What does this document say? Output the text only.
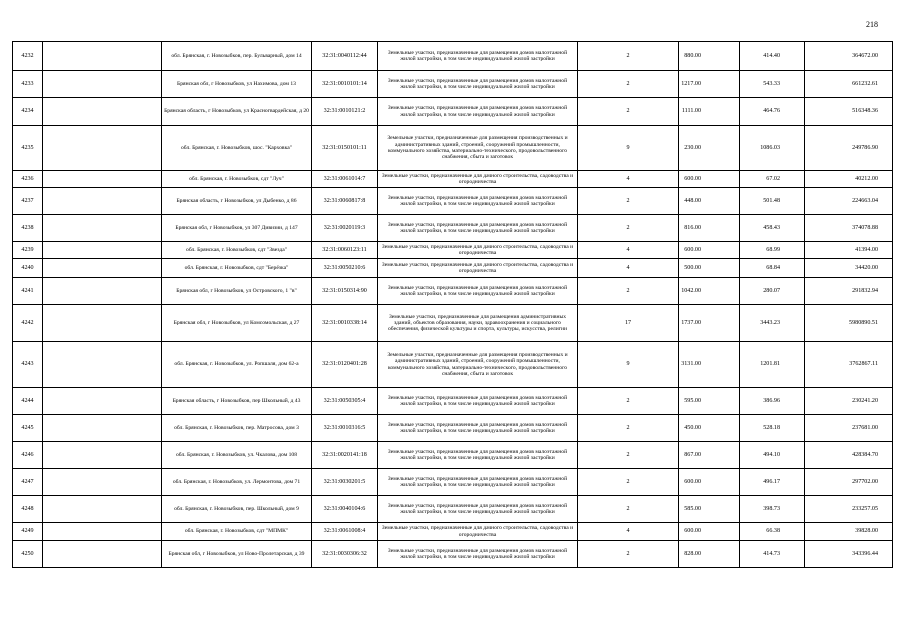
218
4232		обл. Брянская, г. Новозыбков, пер. Бульварный, дом 14	32:31:0040112:44	Земельные участки, предназначенные для размещения домов малоэтажной жилой застройки, в том числе индивидуальной жилой застройки	2	880.00	414.40	364672.00
4233		Брянская обл, г Новозыбков, ул Нахимова, дом 13	32:31:0010101:14	Земельные участки, предназначенные для размещения домов малоэтажной жилой застройки, в том числе индивидуальной жилой застройки	2	1217.00	543.33	661232.61
4234		Брянская область, г Новозыбков, ул Красногвардейская, д 20	32:31:0010121:2	Земельные участки, предназначенные для размещения домов малоэтажной жилой застройки, в том числе индивидуальной жилой застройки	2	1111.00	464.76	516348.36
4235		обл. Брянская, г. Новозыбков, шос. "Карховка"	32:31:0150101:11	Земельные участки, предназначенные для размещения производственных и административных зданий, строений, сооружений промышленности, коммунального хозяйства, материально-технического, продовольственного снабжения, сбыта и заготовок	9	230.00	1086.03	249786.90
4236		обл. Брянская, г. Новозыбков, сдт "Луч"	32:31:0061014:7	Земельные участки, предназначенные для дачного строительства, садоводства и огородничества	4	600.00	67.02	40212.00
4237		Брянская область, г Новозыбков, ул Дыбенко, д 86	32:31:0060817:8	Земельные участки, предназначенные для размещения домов малоэтажной жилой застройки, в том числе индивидуальной жилой застройки	2	448.00	501.48	224663.04
4238		Брянская обл, г Новозыбков, ул 307 Дивизии, д 147	32:31:0020119:3	Земельные участки, предназначенные для размещения домов малоэтажной жилой застройки, в том числе индивидуальной жилой застройки	2	816.00	458.43	374078.88
4239		обл. Брянская, г. Новозыбков, сдт "Звезда"	32:31:0060123:11	Земельные участки, предназначенные для дачного строительства, садоводства и огородничества	4	600.00	68.99	41394.00
4240		обл. Брянская, г. Новозыбков, сдт "Берёзка"	32:31:0050210:6	Земельные участки, предназначенные для дачного строительства, садоводства и огородничества	4	500.00	68.84	34420.00
4241		Брянская обл, г Новозыбков, ул Островского, 1 "в"	32:31:0150314:90	Земельные участки, предназначенные для размещения домов малоэтажной жилой застройки, в том числе индивидуальной жилой застройки	2	1042.00	280.07	291832.94
4242		Брянская обл, г Новозыбков, ул Комсомольская, д 27	32:31:0010338:14	Земельные участки, предназначенные для размещения административных зданий, объектов образования, науки, здравоохранения и социального обеспечения, физической культуры и спорта, культуры, искусства, религии	17	1737.00	3443.23	5980890.51
4243		обл. Брянская, г. Новозыбков, ул. Ропшаля, дом 62-а	32:31:0120401:28	Земельные участки, предназначенные для размещения производственных и административных зданий, строений, сооружений промышленности, коммунального хозяйства, материально-технического, продовольственного снабжения, сбыта и заготовок	9	3131.00	1201.81	3762867.11
4244		Брянская область, г Новозыбков, пер Школьный, д 43	32:31:0050305:4	Земельные участки, предназначенные для размещения домов малоэтажной жилой застройки, в том числе индивидуальной жилой застройки	2	595.00	386.96	230241.20
4245		обл. Брянская, г. Новозыбков, пер. Матросова, дом 3	32:31:0010316:5	Земельные участки, предназначенные для размещения домов малоэтажной жилой застройки, в том числе индивидуальной жилой застройки	2	450.00	528.18	237681.00
4246		обл. Брянская, г. Новозыбков, ул. Чкалова, дом 108	32:31:0020141:18	Земельные участки, предназначенные для размещения домов малоэтажной жилой застройки, в том числе индивидуальной жилой застройки	2	867.00	494.10	428384.70
4247		обл. Брянская, г. Новозыбков, ул. Лермонтова, дом 71	32:31:0030201:5	Земельные участки, предназначенные для размещения домов малоэтажной жилой застройки, в том числе индивидуальной жилой застройки	2	600.00	496.17	297702.00
4248		обл. Брянская, г. Новозыбков, пер. Школьный, дом 9	32:31:0040104:6	Земельные участки, предназначенные для размещения домов малоэтажной жилой застройки, в том числе индивидуальной жилой застройки	2	585.00	398.73	233257.05
4249		обл. Брянская, г. Новозыбков, сдт "МПМК"	32:31:0061008:4	Земельные участки, предназначенные для дачного строительства, садоводства и огородничества	4	600.00	66.38	39828.00
4250		Брянская обл, г Новозыбков, ул Ново-Пролетарская, д 39	32:31:0030306:32	Земельные участки, предназначенные для размещения домов малоэтажной жилой застройки, в том числе индивидуальной жилой застройки	2	828.00	414.73	343396.44
